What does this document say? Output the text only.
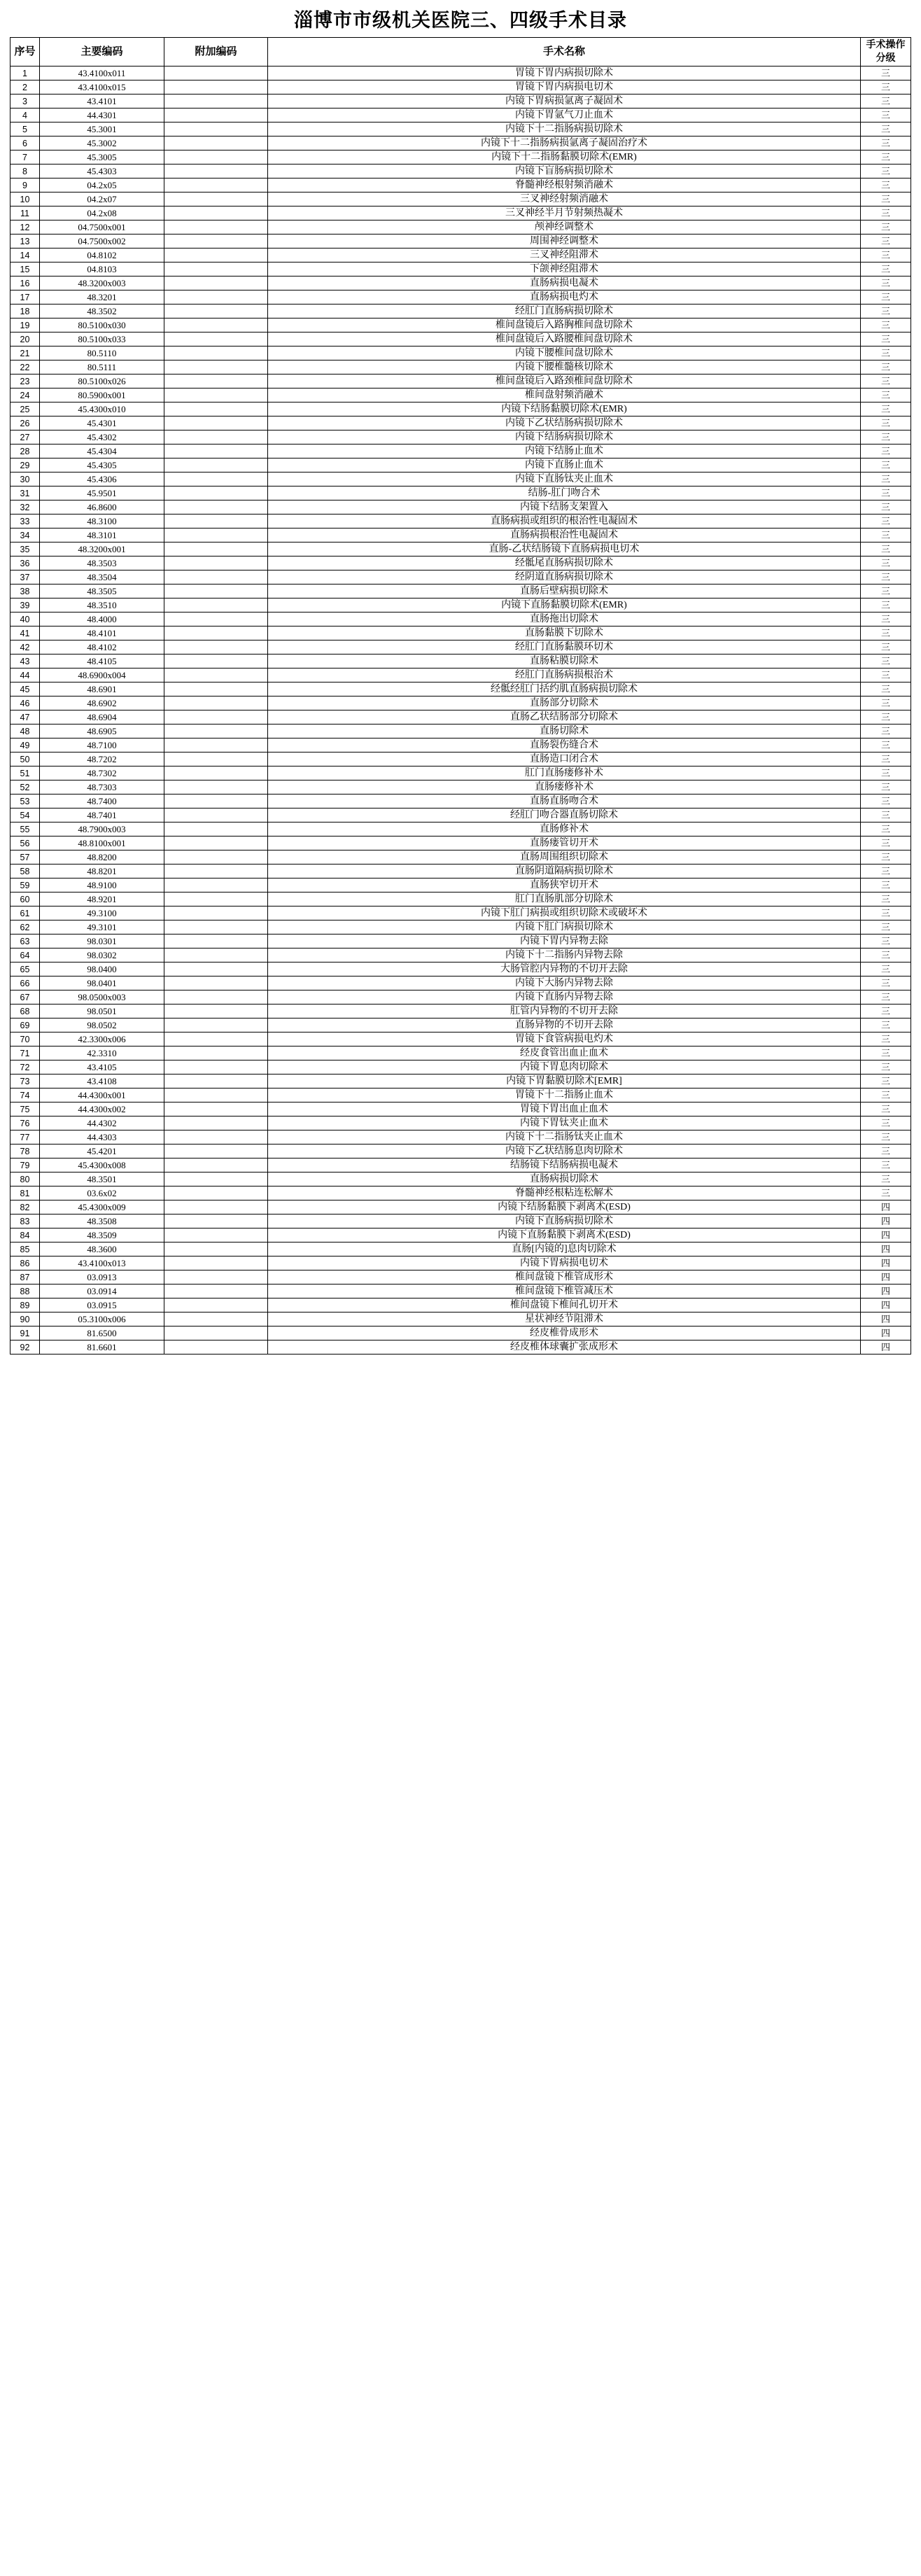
淄博市市级机关医院三、四级手术目录
序号	主要编码	附加编码	手术名称	手术操作
分级
1	43.4100x011		胃镜下胃内病损切除术	三
2	43.4100x015		胃镜下胃内病损电切术	三
3	43.4101		内镜下胃病损氩离子凝固术	三
4	44.4301		内镜下胃氩气刀止血术	三
5	45.3001		内镜下十二指肠病损切除术	三
6	45.3002		内镜下十二指肠病损氩离子凝固治疗术	三
7	45.3005		内镜下十二指肠黏膜切除术(EMR)	三
8	45.4303		内镜下盲肠病损切除术	三
9	04.2x05		脊髓神经根射频消融术	三
10	04.2x07		三叉神经射频消融术	三
11	04.2x08		三叉神经半月节射频热凝术	三
12	04.7500x001		颅神经调整术	三
13	04.7500x002		周围神经调整术	三
14	04.8102		三叉神经阻滞术	三
15	04.8103		下颌神经阻滞术	三
16	48.3200x003		直肠病损电凝术	三
17	48.3201		直肠病损电灼术	三
18	48.3502		经肛门直肠病损切除术	三
19	80.5100x030		椎间盘镜后入路胸椎间盘切除术	三
20	80.5100x033		椎间盘镜后入路腰椎间盘切除术	三
21	80.5110		内镜下腰椎间盘切除术	三
22	80.5111		内镜下腰椎髓核切除术	三
23	80.5100x026		椎间盘镜后入路颈椎间盘切除术	三
24	80.5900x001		椎间盘射频消融术	三
25	45.4300x010		内镜下结肠黏膜切除术(EMR)	三
26	45.4301		内镜下乙状结肠病损切除术	三
27	45.4302		内镜下结肠病损切除术	三
28	45.4304		内镜下结肠止血术	三
29	45.4305		内镜下直肠止血术	三
30	45.4306		内镜下直肠钛夹止血术	三
31	45.9501		结肠-肛门吻合术	三
32	46.8600		内镜下结肠支架置入	三
33	48.3100		直肠病损或组织的根治性电凝固术	三
34	48.3101		直肠病损根治性电凝固术	三
35	48.3200x001		直肠-乙状结肠镜下直肠病损电切术	三
36	48.3503		经骶尾直肠病损切除术	三
37	48.3504		经阴道直肠病损切除术	三
38	48.3505		直肠后壁病损切除术	三
39	48.3510		内镜下直肠黏膜切除术(EMR)	三
40	48.4000		直肠拖出切除术	三
41	48.4101		直肠黏膜下切除术	三
42	48.4102		经肛门直肠黏膜环切术	三
43	48.4105		直肠粘膜切除术	三
44	48.6900x004		经肛门直肠病损根治术	三
45	48.6901		经骶经肛门括约肌直肠病损切除术	三
46	48.6902		直肠部分切除术	三
47	48.6904		直肠乙状结肠部分切除术	三
48	48.6905		直肠切除术	三
49	48.7100		直肠裂伤缝合术	三
50	48.7202		直肠造口闭合术	三
51	48.7302		肛门直肠瘘修补术	三
52	48.7303		直肠瘘修补术	三
53	48.7400		直肠直肠吻合术	三
54	48.7401		经肛门吻合器直肠切除术	三
55	48.7900x003		直肠修补术	三
56	48.8100x001		直肠瘘管切开术	三
57	48.8200		直肠周围组织切除术	三
58	48.8201		直肠阴道隔病损切除术	三
59	48.9100		直肠狭窄切开术	三
60	48.9201		肛门直肠肌部分切除术	三
61	49.3100		内镜下肛门病损或组织切除术或破坏术	三
62	49.3101		内镜下肛门病损切除术	三
63	98.0301		内镜下胃内异物去除	三
64	98.0302		内镜下十二指肠内异物去除	三
65	98.0400		大肠管腔内异物的不切开去除	三
66	98.0401		内镜下大肠内异物去除	三
67	98.0500x003		内镜下直肠内异物去除	三
68	98.0501		肛管内异物的不切开去除	三
69	98.0502		直肠异物的不切开去除	三
70	42.3300x006		胃镜下食管病损电灼术	三
71	42.3310		经皮食管出血止血术	三
72	43.4105		内镜下胃息肉切除术	三
73	43.4108		内镜下胃黏膜切除术[EMR]	三
74	44.4300x001		胃镜下十二指肠止血术	三
75	44.4300x002		胃镜下胃出血止血术	三
76	44.4302		内镜下胃钛夹止血术	三
77	44.4303		内镜下十二指肠钛夹止血术	三
78	45.4201		内镜下乙状结肠息肉切除术	三
79	45.4300x008		结肠镜下结肠病损电凝术	三
80	48.3501		直肠病损切除术	三
81	03.6x02		脊髓神经根粘连松解术	三
82	45.4300x009		内镜下结肠黏膜下剥离术(ESD)	四
83	48.3508		内镜下直肠病损切除术	四
84	48.3509		内镜下直肠黏膜下剥离术(ESD)	四
85	48.3600		直肠[内镜的]息肉切除术	四
86	43.4100x013		内镜下胃病损电切术	四
87	03.0913		椎间盘镜下椎管成形术	四
88	03.0914		椎间盘镜下椎管减压术	四
89	03.0915		椎间盘镜下椎间孔切开术	四
90	05.3100x006		星状神经节阻滞术	四
91	81.6500		经皮椎骨成形术	四
92	81.6601		经皮椎体球囊扩张成形术	四
